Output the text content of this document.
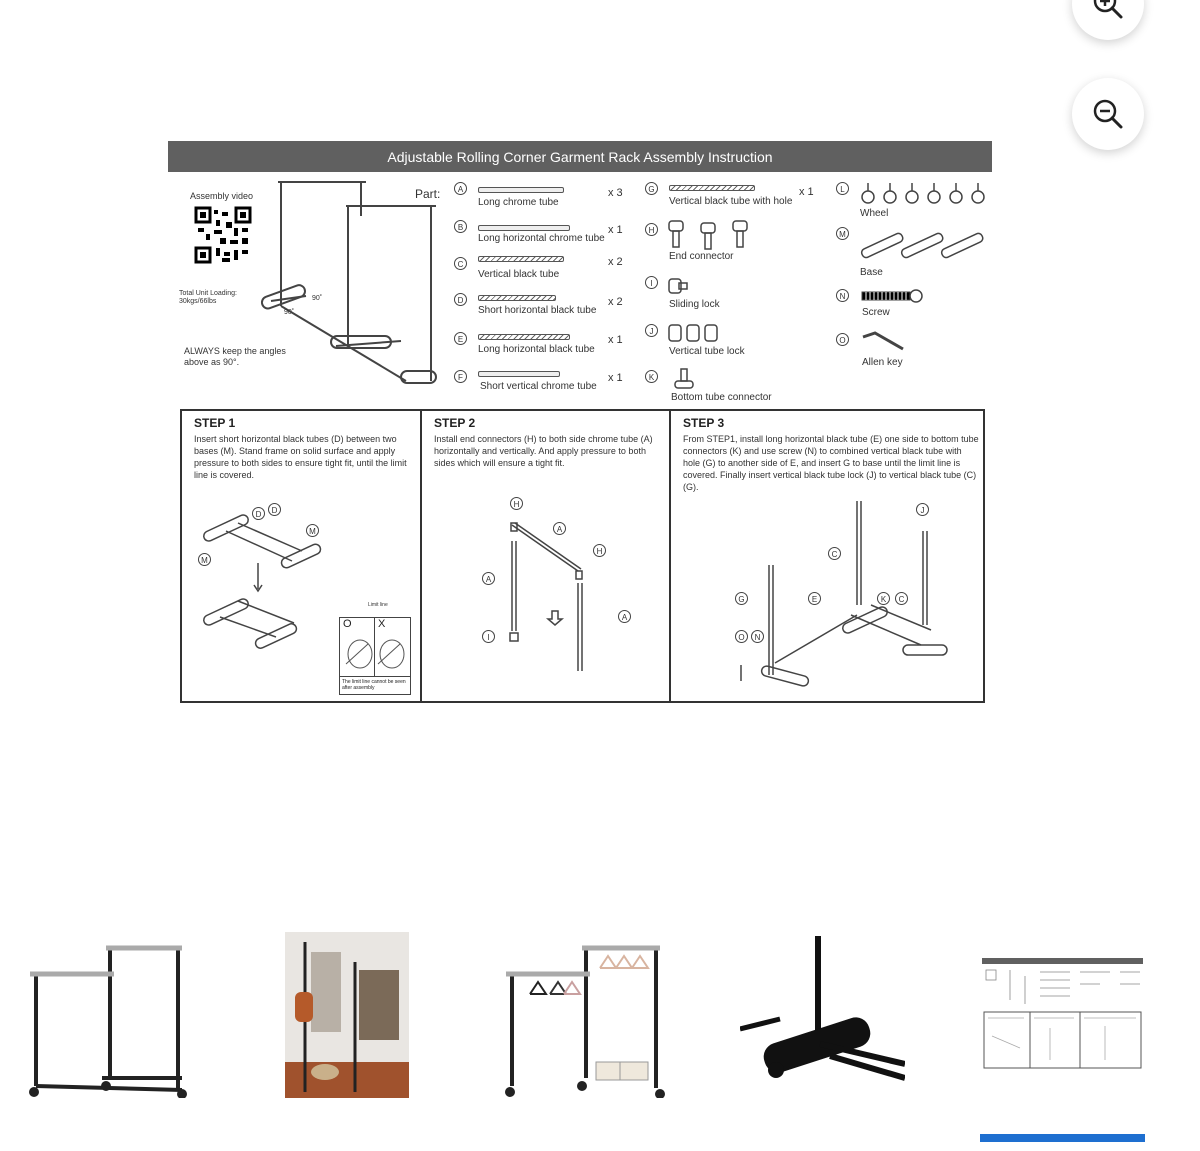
Adjustable Rolling Corner Garment Rack Assembly Instruction
Assembly video
Total Unit Loading:
30kgs/66lbs	90˚
90˚
ALWAYS keep the angles
above as 90°.
Part:	A
Long chrome tube
x 3
B
Long horizontal chrome tube
x 1
C
Vertical black tube
x 2
D
Short horizontal black tube
x 2
E
Long horizontal black tube
x 1
F
Short vertical chrome tube
x 1
G
Vertical black tube with hole
x 1
H
End connector
I
Sliding lock
J
Vertical tube lock
K
Bottom tube connector
L
Wheel
M
Base
N
Screw
O
Allen key
STEP 1
Insert short horizontal black tubes (D) between two bases (M). Stand frame on solid surface and apply pressure to both sides to ensure tight fit, until the limit line is covered.
D	D
M
M
Limit line
O X
The limit line cannot be seen
after assembly
STEP 2
Install end connectors (H) to both side chrome tube (A) horizontally and vertically. And apply pressure to both sides which will ensure a tight fit.
H
H
A
A
A
I
STEP 3
From STEP1, install long horizontal black tube (E) one side to bottom tube connectors (K) and use screw (N) to combined vertical black tube with hole (G) to another side of E, and insert G to base until the limit line is covered. Finally insert vertical black tube lock (J) to vertical black tube (C)(G).
C
C
G	E	K
J
O	N
